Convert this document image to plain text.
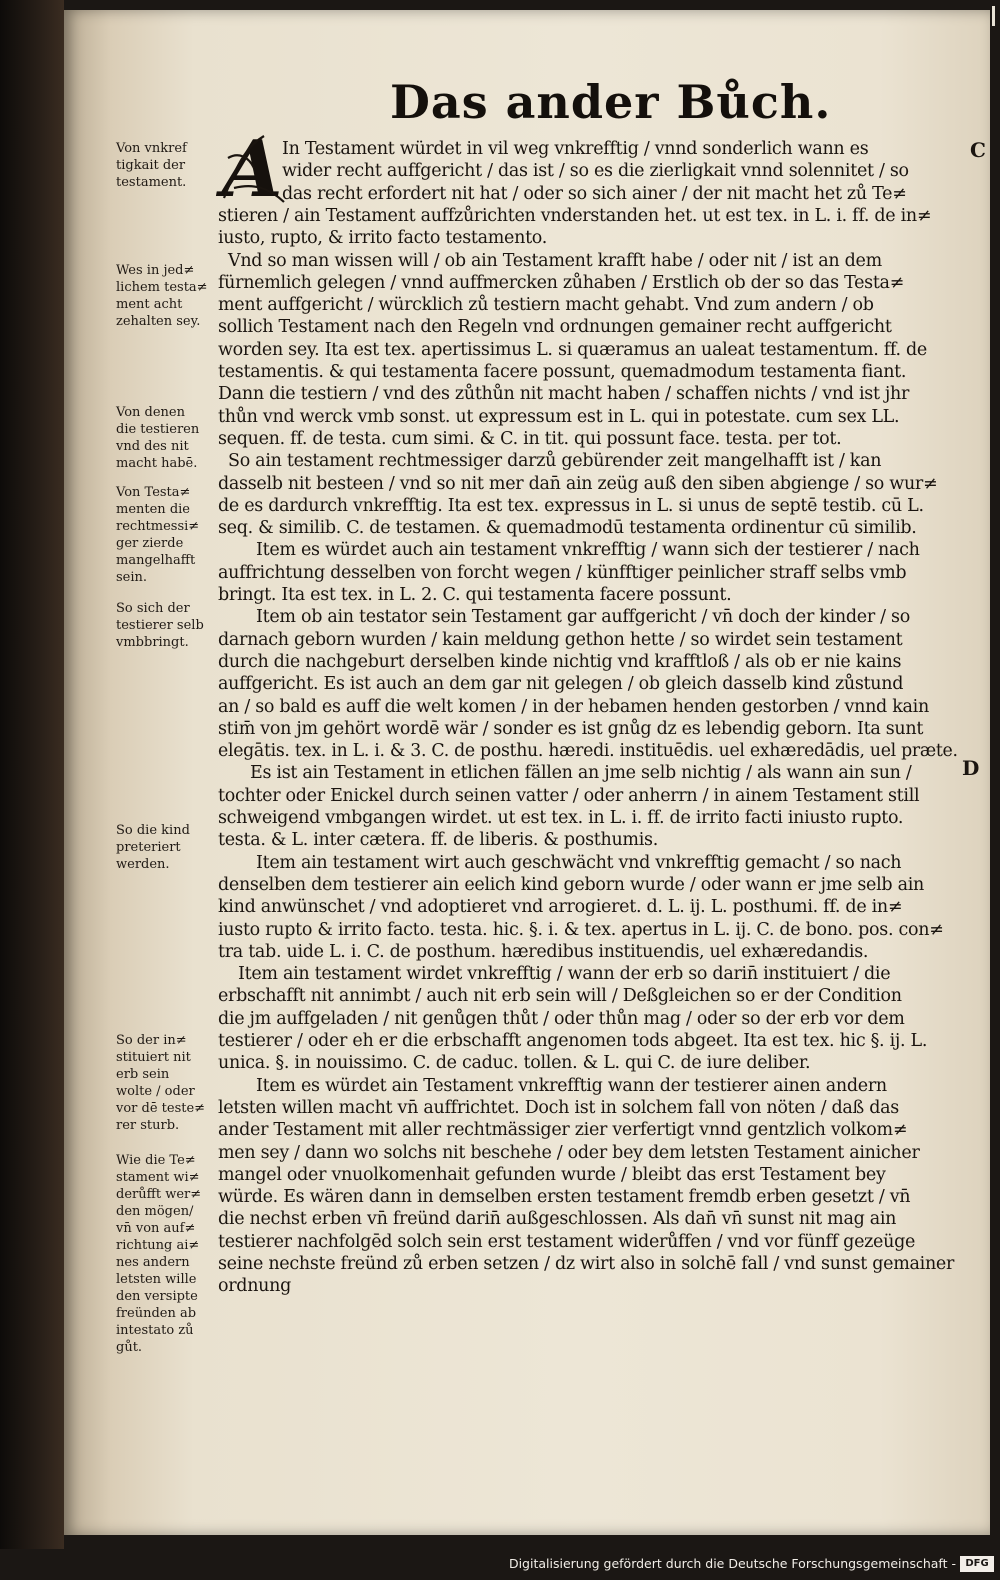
Das ander Bůch.
A	C
D
Von vnkref
tigkait der
testament.
Wes in jed≠
lichem testa≠
ment acht
zehalten sey.
Von denen
die testieren
vnd des nit
macht habē.
Von Testa≠
menten die
rechtmessi≠
ger zierde
mangelhafft
sein.
So sich der
testierer selb
vmbbringt.
So die kind
preteriert
werden.
So der in≠
stituiert nit
erb sein
wolte / oder
vor dē teste≠
rer sturb.
Wie die Te≠
stament wi≠
derůfft wer≠
den mögen/
vn̄ von auf≠
richtung ai≠
nes andern
letsten wille
den versipte
freünden ab
intestato zů
gůt.
In Testament würdet in vil weg vnkrefftig / vnnd sonderlich wann es
wider recht auffgericht / das ist / so es die zierligkait vnnd solennitet / so
das recht erfordert nit hat / oder so sich ainer / der nit macht het zů Te≠
stieren / ain Testament auffzůrichten vnderstanden het. ut est tex. in L. i. ff. de in≠
iusto, rupto, & irrito facto testamento.
Vnd so man wissen will / ob ain Testament krafft habe / oder nit / ist an dem
fürnemlich gelegen / vnnd auffmercken zůhaben / Erstlich ob der so das Testa≠
ment auffgericht / würcklich zů testiern macht gehabt. Vnd zum andern / ob
sollich Testament nach den Regeln vnd ordnungen gemainer recht auffgericht
worden sey. Ita est tex. apertissimus L. si quæramus an ualeat testamentum. ff. de
testamentis. & qui testamenta facere possunt, quemadmodum testamenta fiant.
Dann die testiern / vnd des zůthůn nit macht haben / schaffen nichts / vnd ist jhr
thůn vnd werck vmb sonst. ut expressum est in L. qui in potestate. cum sex LL.
sequen. ff. de testa. cum simi. & C. in tit. qui possunt face. testa. per tot.
So ain testament rechtmessiger darzů gebürender zeit mangelhafft ist / kan
dasselb nit besteen / vnd so nit mer dan̄ ain zeüg auß den siben abgienge / so wur≠
de es dardurch vnkrefftig. Ita est tex. expressus in L. si unus de septē testib. cū L.
seq. & similib. C. de testamen. & quemadmodū testamenta ordinentur cū similib.
Item es würdet auch ain testament vnkrefftig / wann sich der testierer / nach
auffrichtung desselben von forcht wegen / künfftiger peinlicher straff selbs vmb
bringt. Ita est tex. in L. 2. C. qui testamenta facere possunt.
Item ob ain testator sein Testament gar auffgericht / vn̄ doch der kinder / so
darnach geborn wurden / kain meldung gethon hette / so wirdet sein testament
durch die nachgeburt derselben kinde nichtig vnd krafftloß / als ob er nie kains
auffgericht. Es ist auch an dem gar nit gelegen / ob gleich dasselb kind zůstund
an / so bald es auff die welt komen / in der hebamen henden gestorben / vnnd kain
stim̄ von jm gehört wordē wär / sonder es ist gnůg dz es lebendig geborn. Ita sunt
elegātis. tex. in L. i. & 3. C. de posthu. hæredi. instituēdis. uel exhæredādis, uel præte.
Es ist ain Testament in etlichen fällen an jme selb nichtig / als wann ain sun /
tochter oder Enickel durch seinen vatter / oder anherrn / in ainem Testament still
schweigend vmbgangen wirdet. ut est tex. in L. i. ff. de irrito facti iniusto rupto.
testa. & L. inter cætera. ff. de liberis. & posthumis.
Item ain testament wirt auch geschwächt vnd vnkrefftig gemacht / so nach
denselben dem testierer ain eelich kind geborn wurde / oder wann er jme selb ain
kind anwünschet / vnd adoptieret vnd arrogieret. d. L. ij. L. posthumi. ff. de in≠
iusto rupto & irrito facto. testa. hic. §. i. & tex. apertus in L. ij. C. de bono. pos. con≠
tra tab. uide L. i. C. de posthum. hæredibus instituendis, uel exhæredandis.
Item ain testament wirdet vnkrefftig / wann der erb so darin̄ instituiert / die
erbschafft nit annimbt / auch nit erb sein will / Deßgleichen so er der Condition
die jm auffgeladen / nit genůgen thůt / oder thůn mag / oder so der erb vor dem
testierer / oder eh er die erbschafft angenomen tods abgeet. Ita est tex. hic §. ij. L.
unica. §. in nouissimo. C. de caduc. tollen. & L. qui C. de iure deliber.
Item es würdet ain Testament vnkrefftig wann der testierer ainen andern
letsten willen macht vn̄ auffrichtet. Doch ist in solchem fall von nöten / daß das
ander Testament mit aller rechtmässiger zier verfertigt vnnd gentzlich volkom≠
men sey / dann wo solchs nit beschehe / oder bey dem letsten Testament ainicher
mangel oder vnuolkomenhait gefunden wurde / bleibt das erst Testament bey
würde. Es wären dann in demselben ersten testament fremdb erben gesetzt / vn̄
die nechst erben vn̄ freünd darin̄ außgeschlossen. Als dan̄ vn̄ sunst nit mag ain
testierer nachfolgēd solch sein erst testament widerůffen / vnd vor fünff gezeüge
seine nechste freünd zů erben setzen / dz wirt also in solchē fall / vnd sunst gemainer
ordnung
Digitalisierung gefördert durch die Deutsche Forschungsgemeinschaft - DFG
